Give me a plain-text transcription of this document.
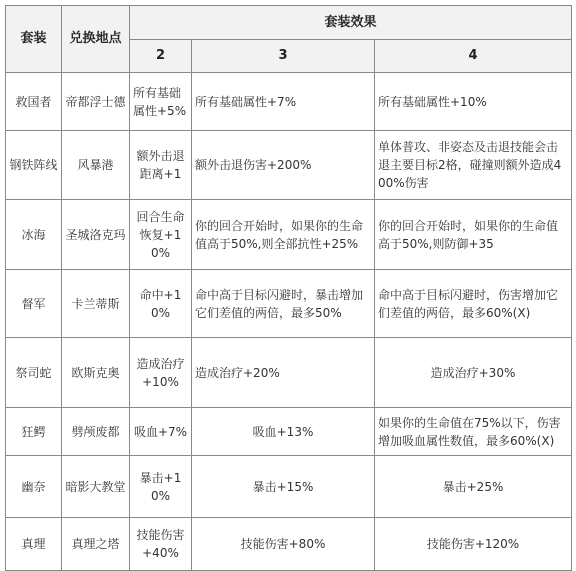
套装	兑换地点	套装效果		
		2	3	4
救国者	帝都浮士德	所有基础属性+5%	所有基础属性+7%	所有基础属性+10%
钢铁阵线	风暴港	额外击退距离+1	额外击退伤害+200%	单体普攻、非姿态及击退技能会击退主要目标2格，碰撞则额外造成400%伤害
冰海	圣城洛克玛	回合生命恢复+10%	你的回合开始时，如果你的生命值高于50%,则全部抗性+25%	你的回合开始时，如果你的生命值高于50%,则防御+35
督军	卡兰蒂斯	命中+10%	命中高于目标闪避时，暴击增加它们差值的两倍，最多50%	命中高于目标闪避时，伤害增加它们差值的两倍，最多60%(X)
祭司蛇	欧斯克奥	造成治疗+10%	造成治疗+20%	造成治疗+30%
狂鳄	劈颅废都	吸血+7%	吸血+13%	如果你的生命值在75%以下，伤害增加吸血属性数值，最多60%(X)
幽奈	暗影大教堂	暴击+10%	暴击+15%	暴击+25%
真理	真理之塔	技能伤害+40%	技能伤害+80%	技能伤害+120%
